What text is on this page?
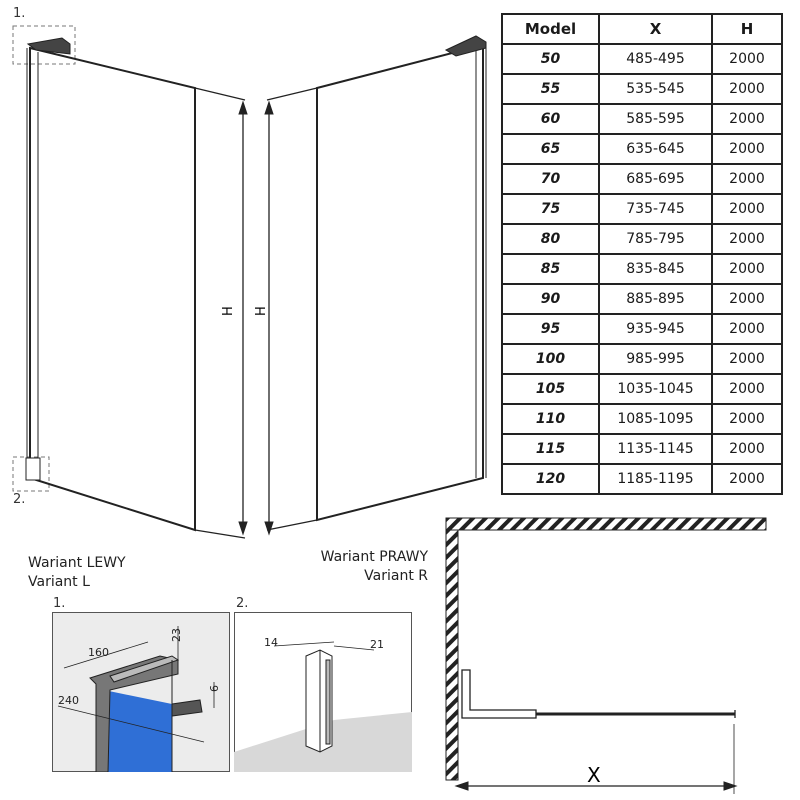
H H
1.
2.
Model	X	H
50	485-495	2000
55	535-545	2000
60	585-595	2000
65	635-645	2000
70	685-695	2000
75	735-745	2000
80	785-795	2000
85	835-845	2000
90	885-895	2000
95	935-945	2000
100	985-995	2000
105	1035-1045	2000
110	1085-1095	2000
115	1135-1145	2000
120	1185-1195	2000
Wariant LEWY
Variant L
Wariant PRAWY
Variant R
1.
160
23
6
240
2.
14	21
X
